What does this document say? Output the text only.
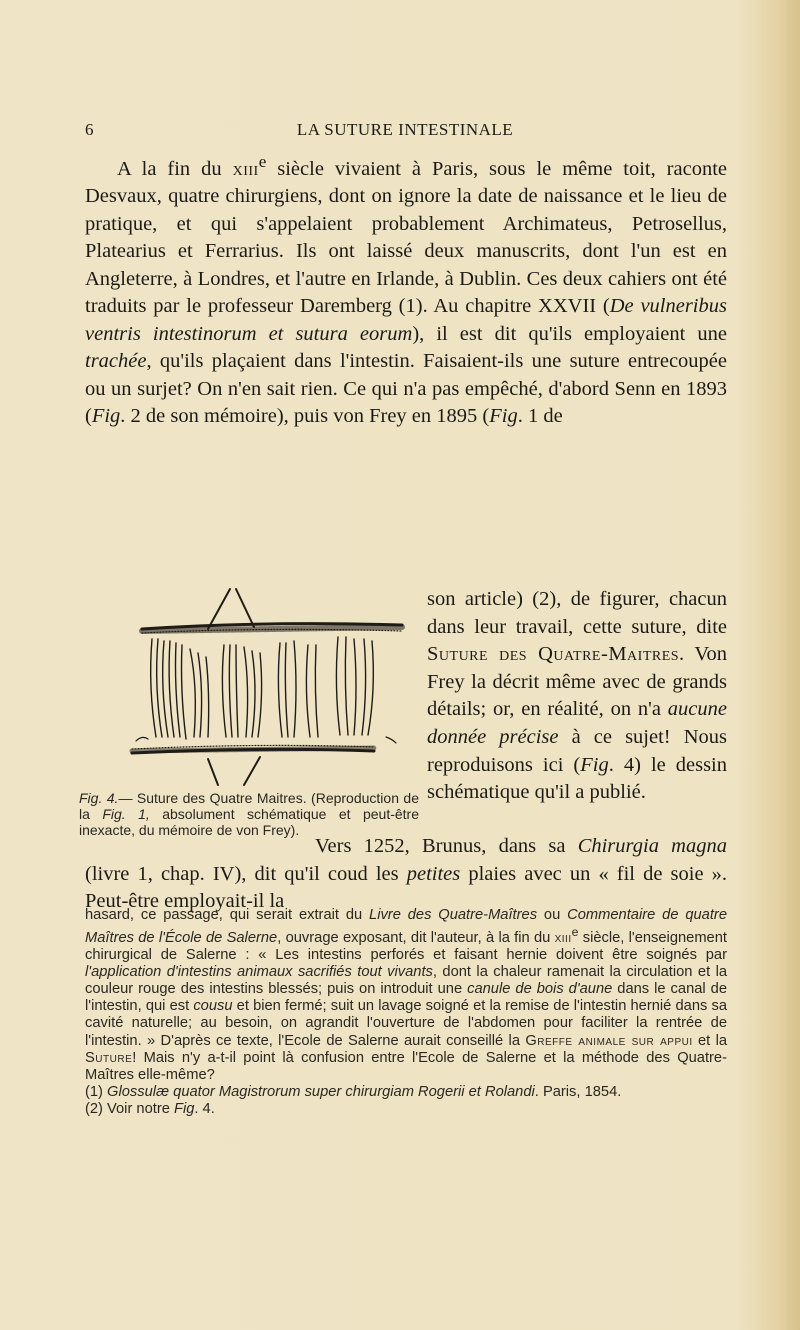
6	LA SUTURE INTESTINALE
A la fin du xiii$^e$ siècle vivaient à Paris, sous le même toit, raconte Desvaux, quatre chirurgiens, dont on ignore la date de naissance et le lieu de pratique, et qui s'appelaient probablement Archimateus, Petrosellus, Platearius et Ferrarius. Ils ont laissé deux manuscrits, dont l'un est en Angleterre, à Londres, et l'autre en Irlande, à Dublin. Ces deux cahiers ont été traduits par le professeur Daremberg (1). Au chapitre XXVII (De vulneribus ventris intestinorum et sutura eorum), il est dit qu'ils employaient une trachée, qu'ils plaçaient dans l'intestin. Faisaient-ils une suture entrecoupée ou un surjet? On n'en sait rien. Ce qui n'a pas empêché, d'abord Senn en 1893 (Fig. 2 de son mémoire), puis von Frey en 1895 (Fig. 1 de
son article) (2), de figurer, chacun dans leur travail, cette suture, dite Suture des Quatre-Maitres. Von Frey la décrit même avec de grands détails; or, en réalité, on n'a aucune donnée précise à ce sujet! Nous reproduisons ici (Fig. 4) le dessin schématique qu'il a publié.
Fig. 4.— Suture des Quatre Maitres. (Reproduction de la Fig. 1, absolument schématique et peut-être inexacte, du mémoire de von Frey).
Vers 1252, Brunus, dans sa Chirurgia magna (livre 1, chap. IV), dit qu'il coud les petites plaies avec un « fil de soie ». Peut-être employait-il la

hasard, ce passage, qui serait extrait du Livre des Quatre-Maîtres ou Commentaire de quatre Maîtres de l'École de Salerne, ouvrage exposant, dit l'auteur, à la fin du xiii$^e$ siècle, l'enseignement chirurgical de Salerne : « Les intestins perforés et faisant hernie doivent être soignés par l'application d'intestins animaux sacrifiés tout vivants, dont la chaleur ramenait la circulation et la couleur rouge des intestins blessés; puis on introduit une canule de bois d'aune dans le canal de l'intestin, qui est cousu et bien fermé; suit un lavage soigné et la remise de l'intestin hernié dans sa cavité naturelle; au besoin, on agrandit l'ouverture de l'abdomen pour faciliter la rentrée de l'intestin. » D'après ce texte, l'Ecole de Salerne aurait conseillé la Greffe animale sur appui et la Suture! Mais n'y a-t-il point là confusion entre l'Ecole de Salerne et la méthode des Quatre-Maîtres elle-même?

(1) Glossulæ quator Magistrorum super chirurgiam Rogerii et Rolandi. Paris, 1854.

(2) Voir notre Fig. 4.
